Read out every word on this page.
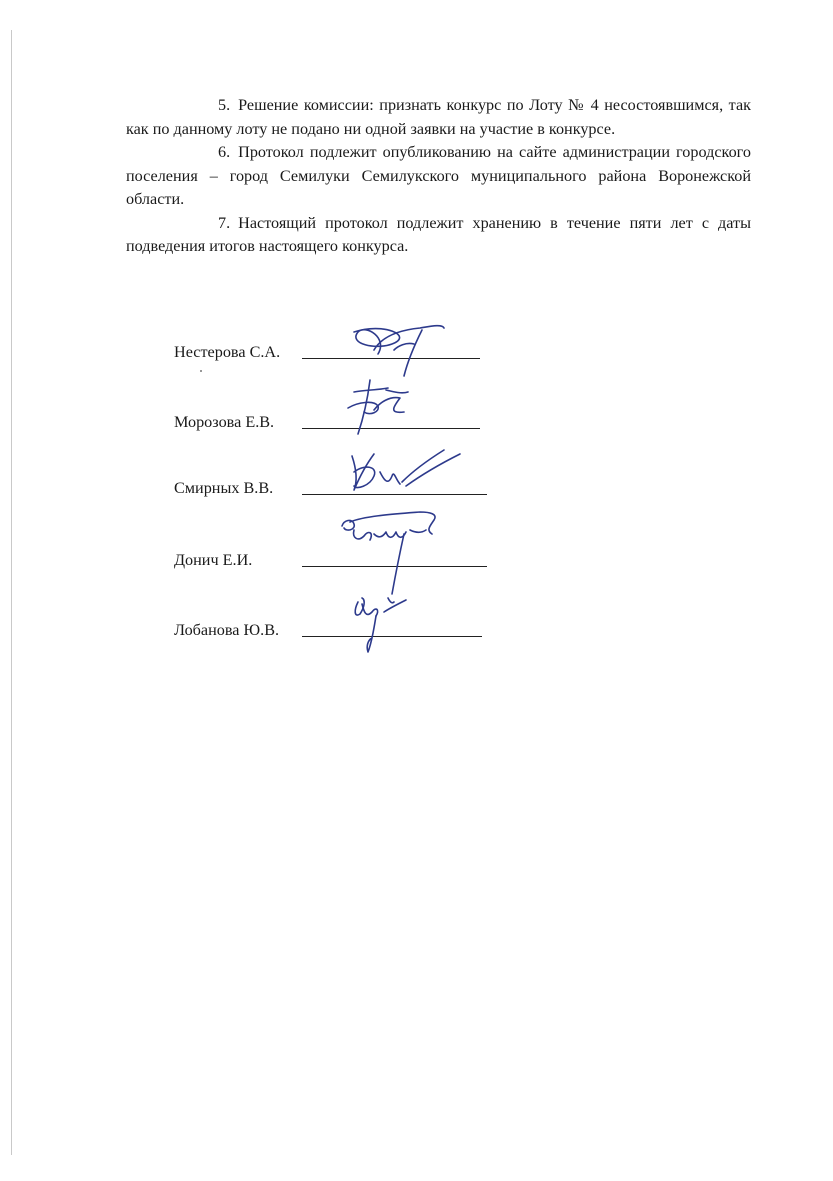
5. Решение комиссии: признать конкурс по Лоту № 4 несостоявшимся, так как по данному лоту не подано ни одной заявки на участие в конкурсе.

6. Протокол подлежит опубликованию на сайте администрации городского поселения – город Семилуки Семилукского муниципального района Воронежской области.

7. Настоящий протокол подлежит хранению в течение пяти лет с даты подведения итогов настоящего конкурса.

Нестерова С.А.
Морозова Е.В.
Смирных В.В.
Донич Е.И.
Лобанова Ю.В.
